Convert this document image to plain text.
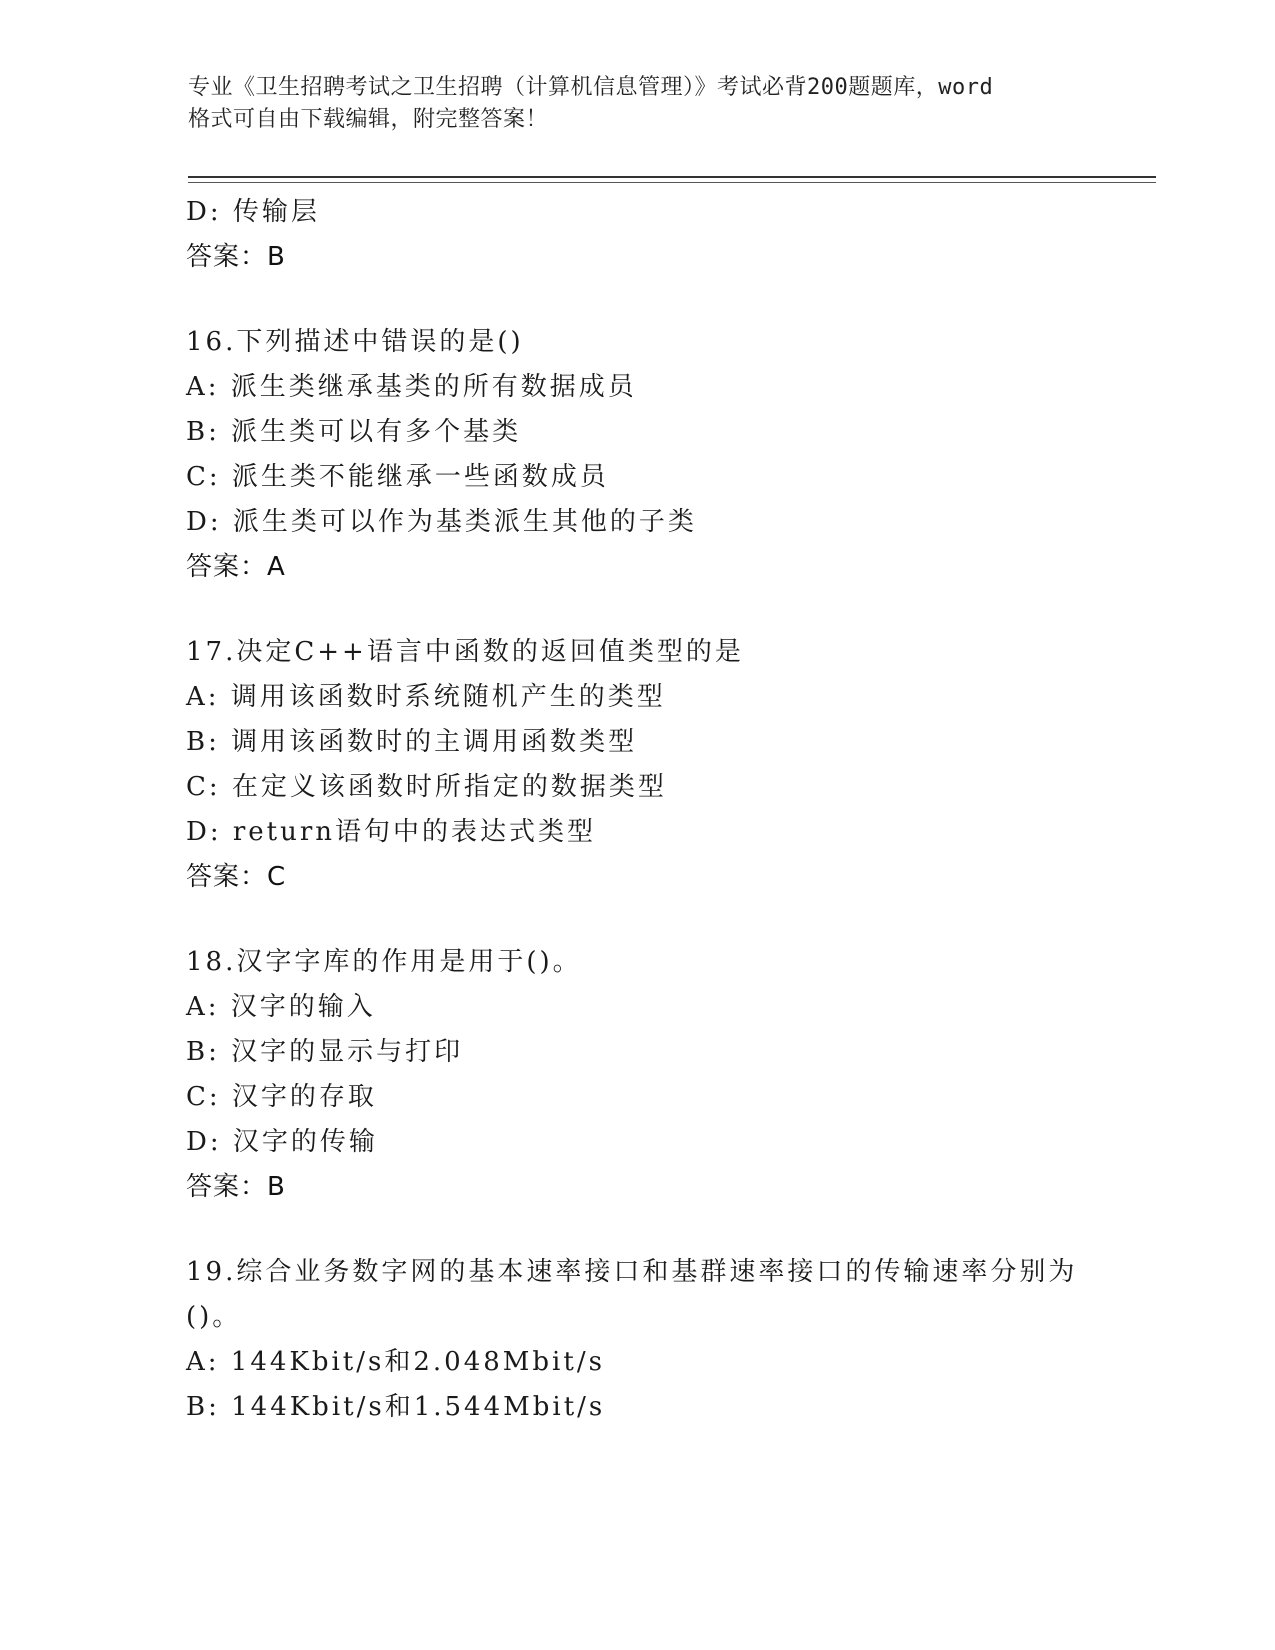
专业《卫生招聘考试之卫生招聘（计算机信息管理）》考试必背200题题库，word
格式可自由下载编辑，附完整答案！
D: 传输层
答案：B
16.下列描述中错误的是()
A: 派生类继承基类的所有数据成员
B: 派生类可以有多个基类
C: 派生类不能继承一些函数成员
D: 派生类可以作为基类派生其他的子类
答案：A
17.决定C++语言中函数的返回值类型的是
A: 调用该函数时系统随机产生的类型
B: 调用该函数时的主调用函数类型
C: 在定义该函数时所指定的数据类型
D: return语句中的表达式类型
答案：C
18.汉字字库的作用是用于()。
A: 汉字的输入
B: 汉字的显示与打印
C: 汉字的存取
D: 汉字的传输
答案：B
19.综合业务数字网的基本速率接口和基群速率接口的传输速率分别为
()。
A: 144Kbit/s和2.048Mbit/s
B: 144Kbit/s和1.544Mbit/s
